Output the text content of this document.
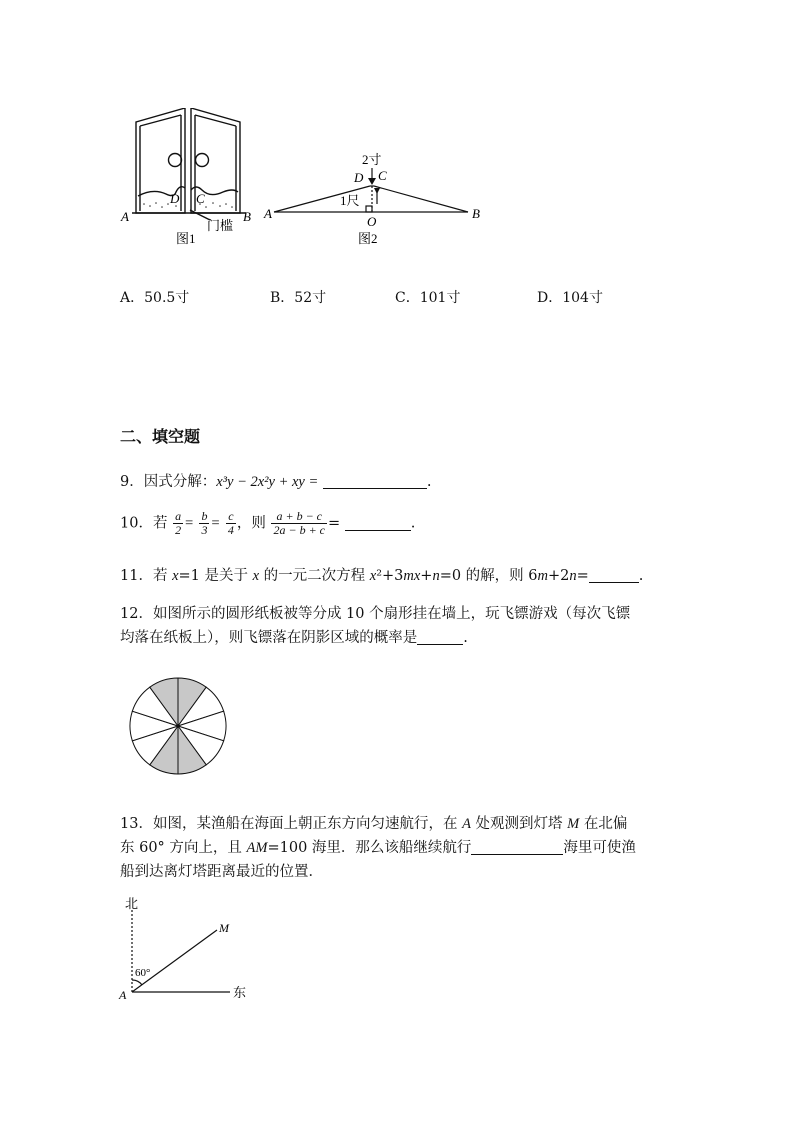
A	B
D C
门槛
图1
2寸
D C
1尺
A	B
O
图2
A．50.5寸	B．52寸	C．101寸	D．104寸
二、填空题
9．因式分解：x³y − 2x²y + xy =	.
10．若 $\frac{a}{2} = \frac{b}{3} = \frac{c}{4}$ ，则 $\frac{a + b - c}{2a - b + c}$ =	.
11．若 x=1 是关于 x 的一元二次方程 x²+3mx+n=0 的解，则 6m+2n=	.
12．如图所示的圆形纸板被等分成 10 个扇形挂在墙上，玩飞镖游戏（每次飞镖
均落在纸板上），则飞镖落在阴影区域的概率是	.
13．如图，某渔船在海面上朝正东方向匀速航行，在 A 处观测到灯塔 M 在北偏
东 60° 方向上，且 AM=100 海里．那么该船继续航行	海里可使渔
船到达离灯塔距离最近的位置．
北
东
M
A
60°
